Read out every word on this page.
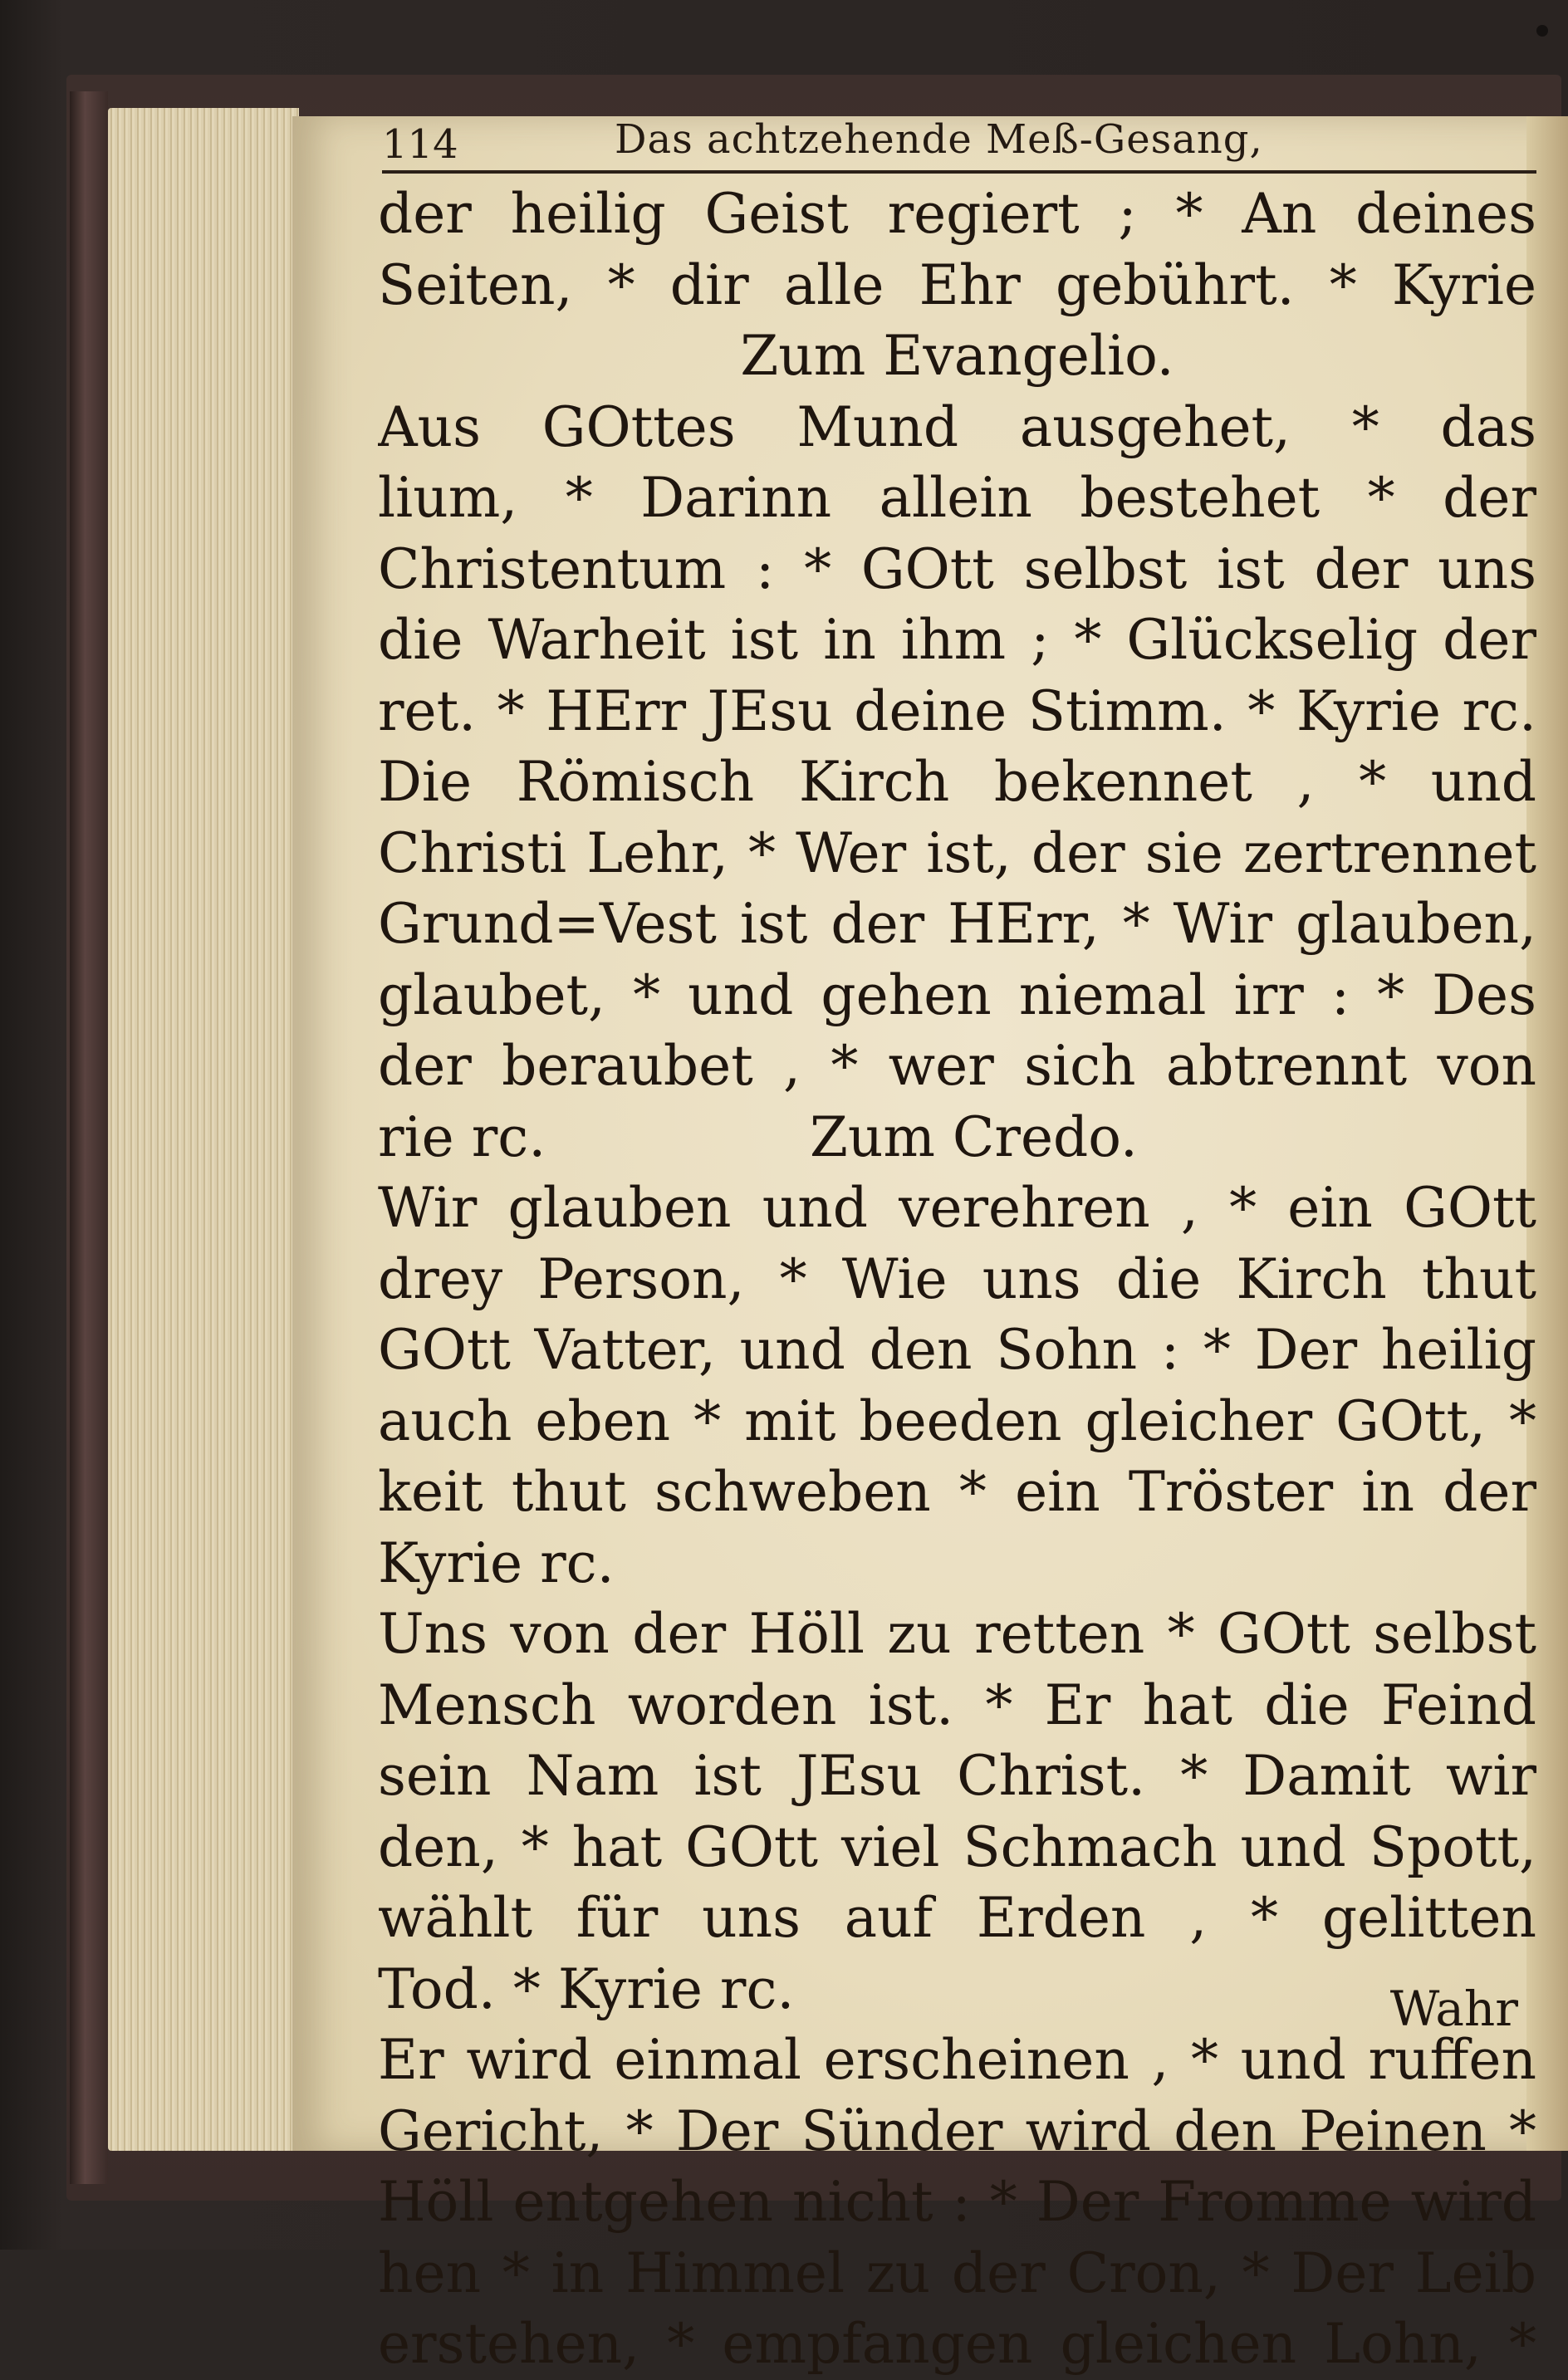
114	Das achtzehende Meß-Gesang,
der heilig Geist regiert ; * An deines
Seiten, * dir alle Ehr gebührt. * Kyrie
Zum Evangelio.
Aus GOttes Mund ausgehet, * das
lium, * Darinn allein bestehet * der
Christentum : * GOtt selbst ist der uns
die Warheit ist in ihm ; * Glückselig der
ret. * HErr JEsu deine Stimm. * Kyrie rc.
Die Römisch Kirch bekennet , * und
Christi Lehr, * Wer ist, der sie zertrennet
Grund=Vest ist der HErr, * Wir glauben,
glaubet, * und gehen niemal irr : * Des
der beraubet , * wer sich abtrennt von
rie rc.	Zum Credo.
Wir glauben und verehren , * ein GOtt
drey Person, * Wie uns die Kirch thut
GOtt Vatter, und den Sohn : * Der heilig
auch eben * mit beeden gleicher GOtt, *
keit thut schweben * ein Tröster in der
Kyrie rc.
Uns von der Höll zu retten * GOtt selbst
Mensch worden ist. * Er hat die Feind
sein Nam ist JEsu Christ. * Damit wir
den, * hat GOtt viel Schmach und Spott,
wählt für uns auf Erden , * gelitten
Tod. * Kyrie rc.
Er wird einmal erscheinen , * und ruffen
Gericht, * Der Sünder wird den Peinen *
Höll entgehen nicht : * Der Fromme wird
hen * in Himmel zu der Cron, * Der Leib
erstehen, * empfangen gleichen Lohn, *
Wahr
